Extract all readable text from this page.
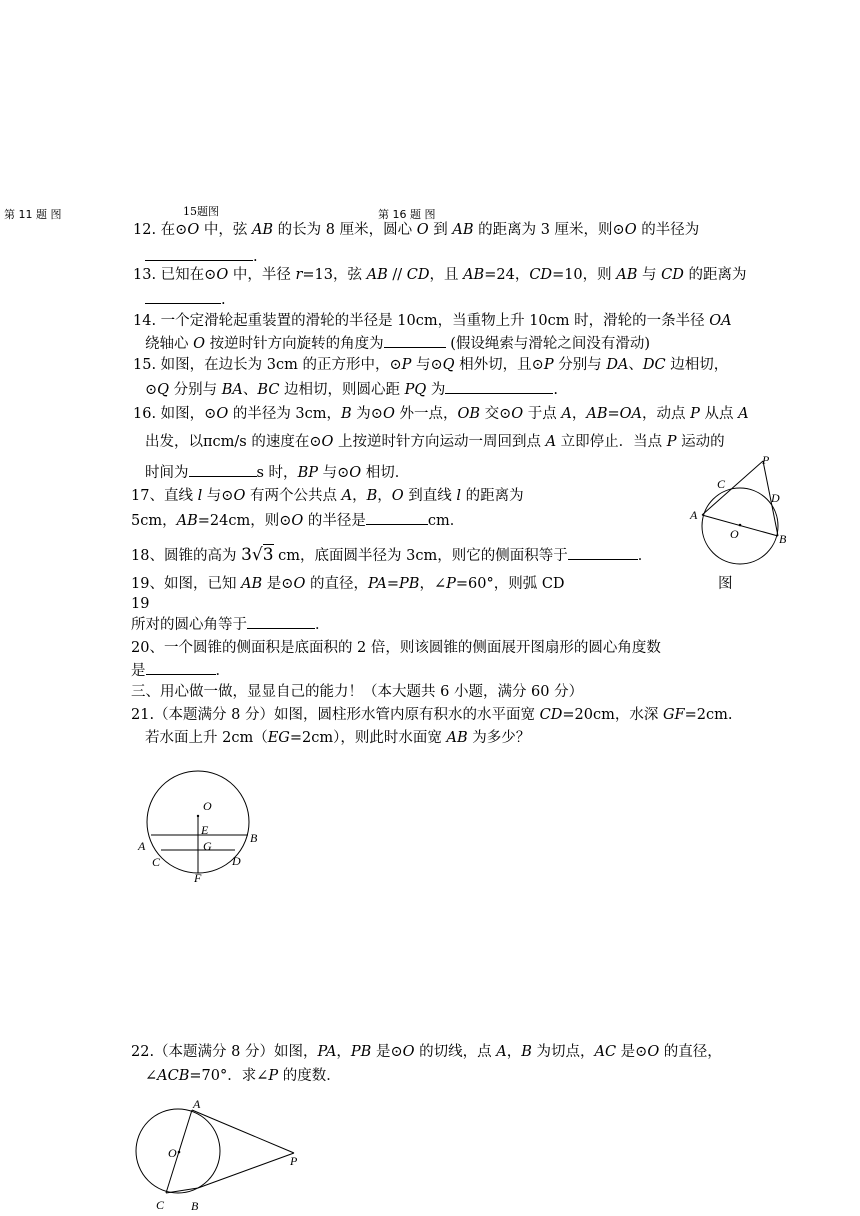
第 11 题 图	15题图	第 16 题 图
12. 在⊙O 中，弦 AB 的长为 8 厘米，圆心 O 到 AB 的距离为 3 厘米，则⊙O 的半径为
.
13. 已知在⊙O 中，半径 r=13，弦 AB // CD，且 AB=24，CD=10，则 AB 与 CD 的距离为
.
14. 一个定滑轮起重装置的滑轮的半径是 10cm，当重物上升 10cm 时，滑轮的一条半径 OA
绕轴心 O 按逆时针方向旋转的角度为	(假设绳索与滑轮之间没有滑动)
15. 如图，在边长为 3cm 的正方形中，⊙P 与⊙Q 相外切，且⊙P 分别与 DA、DC 边相切，
⊙Q 分别与 BA、BC 边相切，则圆心距 PQ 为	.
16. 如图，⊙O 的半径为 3cm，B 为⊙O 外一点，OB 交⊙O 于点 A，AB=OA，动点 P 从点 A
出发，以πcm/s 的速度在⊙O 上按逆时针方向运动一周回到点 A 立即停止．当点 P 运动的
时间为	s 时，BP 与⊙O 相切．
17、直线 l 与⊙O 有两个公共点 A，B，O 到直线 l 的距离为
5cm，AB=24cm，则⊙O 的半径是	cm．
18、圆锥的高为 3√3 cm，底面圆半径为 3cm，则它的侧面积等于	．
19、如图，已知 AB 是⊙O 的直径，PA=PB，∠P=60°，则弧 CD	图
19
所对的圆心角等于	．
20、一个圆锥的侧面积是底面积的 2 倍，则该圆锥的侧面展开图扇形的圆心角度数
是	．
三、用心做一做，显显自己的能力！（本大题共 6 小题，满分 60 分）
21.（本题满分 8 分）如图，圆柱形水管内原有积水的水平面宽 CD=20cm，水深 GF=2cm.
若水面上升 2cm（EG=2cm），则此时水面宽 AB 为多少？
22.（本题满分 8 分）如图，PA，PB 是⊙O 的切线，点 A，B 为切点，AC 是⊙O 的直径，
∠ACB=70°．求∠P 的度数．
P
C
D
A
O	B
O
E
B
A	G
C	D
F
A
O
P
C B
